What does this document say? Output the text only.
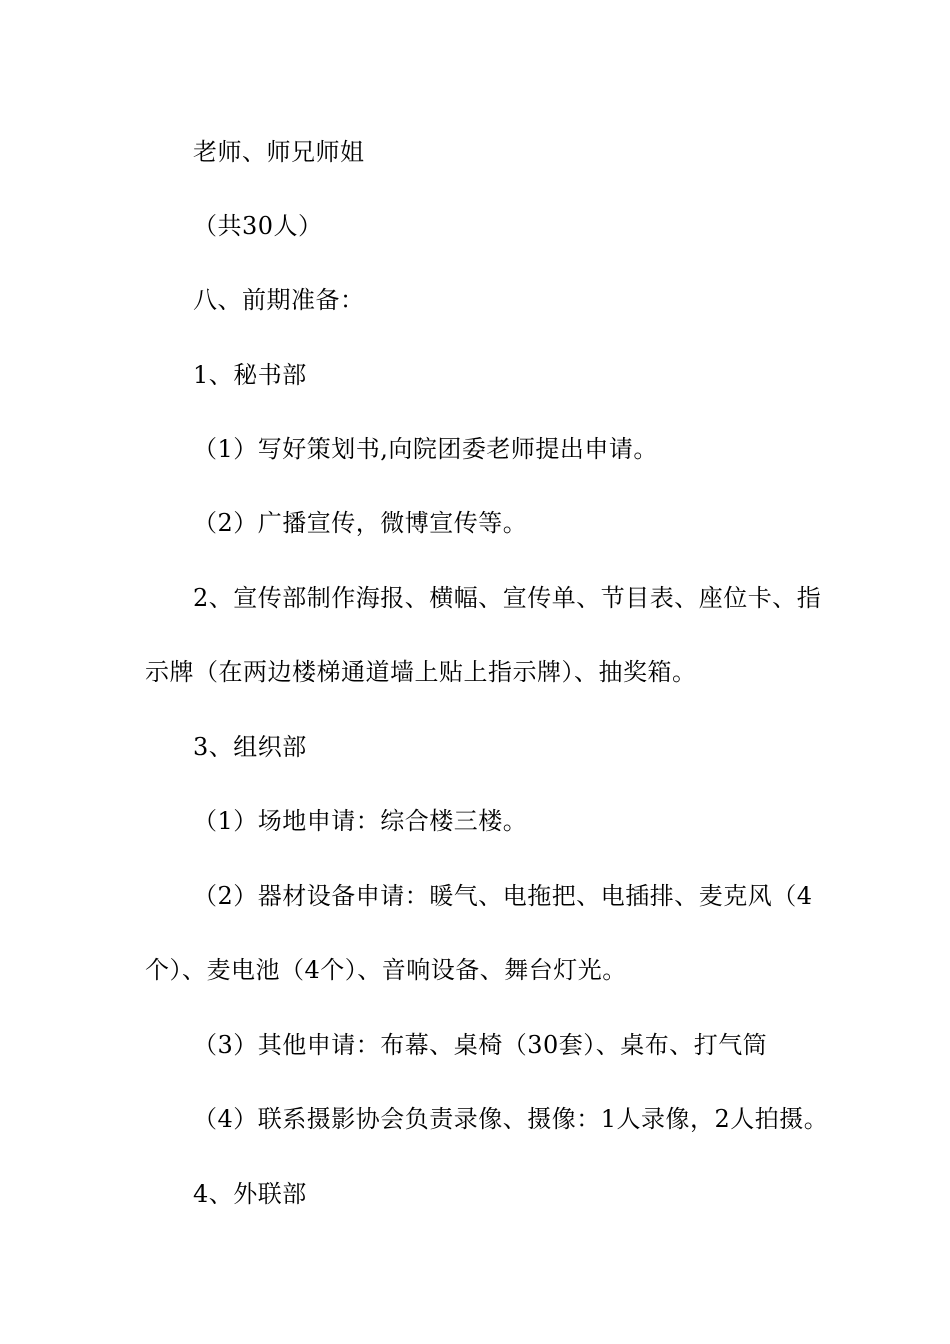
老师、师兄师姐
（共30人）
八、前期准备：
1、秘书部
（1）写好策划书,向院团委老师提出申请。
（2）广播宣传，微博宣传等。
2、宣传部制作海报、横幅、宣传单、节目表、座位卡、指
示牌（在两边楼梯通道墙上贴上指示牌）、抽奖箱。
3、组织部
（1）场地申请：综合楼三楼。
（2）器材设备申请：暖气、电拖把、电插排、麦克风（4
个）、麦电池（4个）、音响设备、舞台灯光。
（3）其他申请：布幕、桌椅（30套）、桌布、打气筒
（4）联系摄影协会负责录像、摄像：1人录像，2人拍摄。
4、外联部
